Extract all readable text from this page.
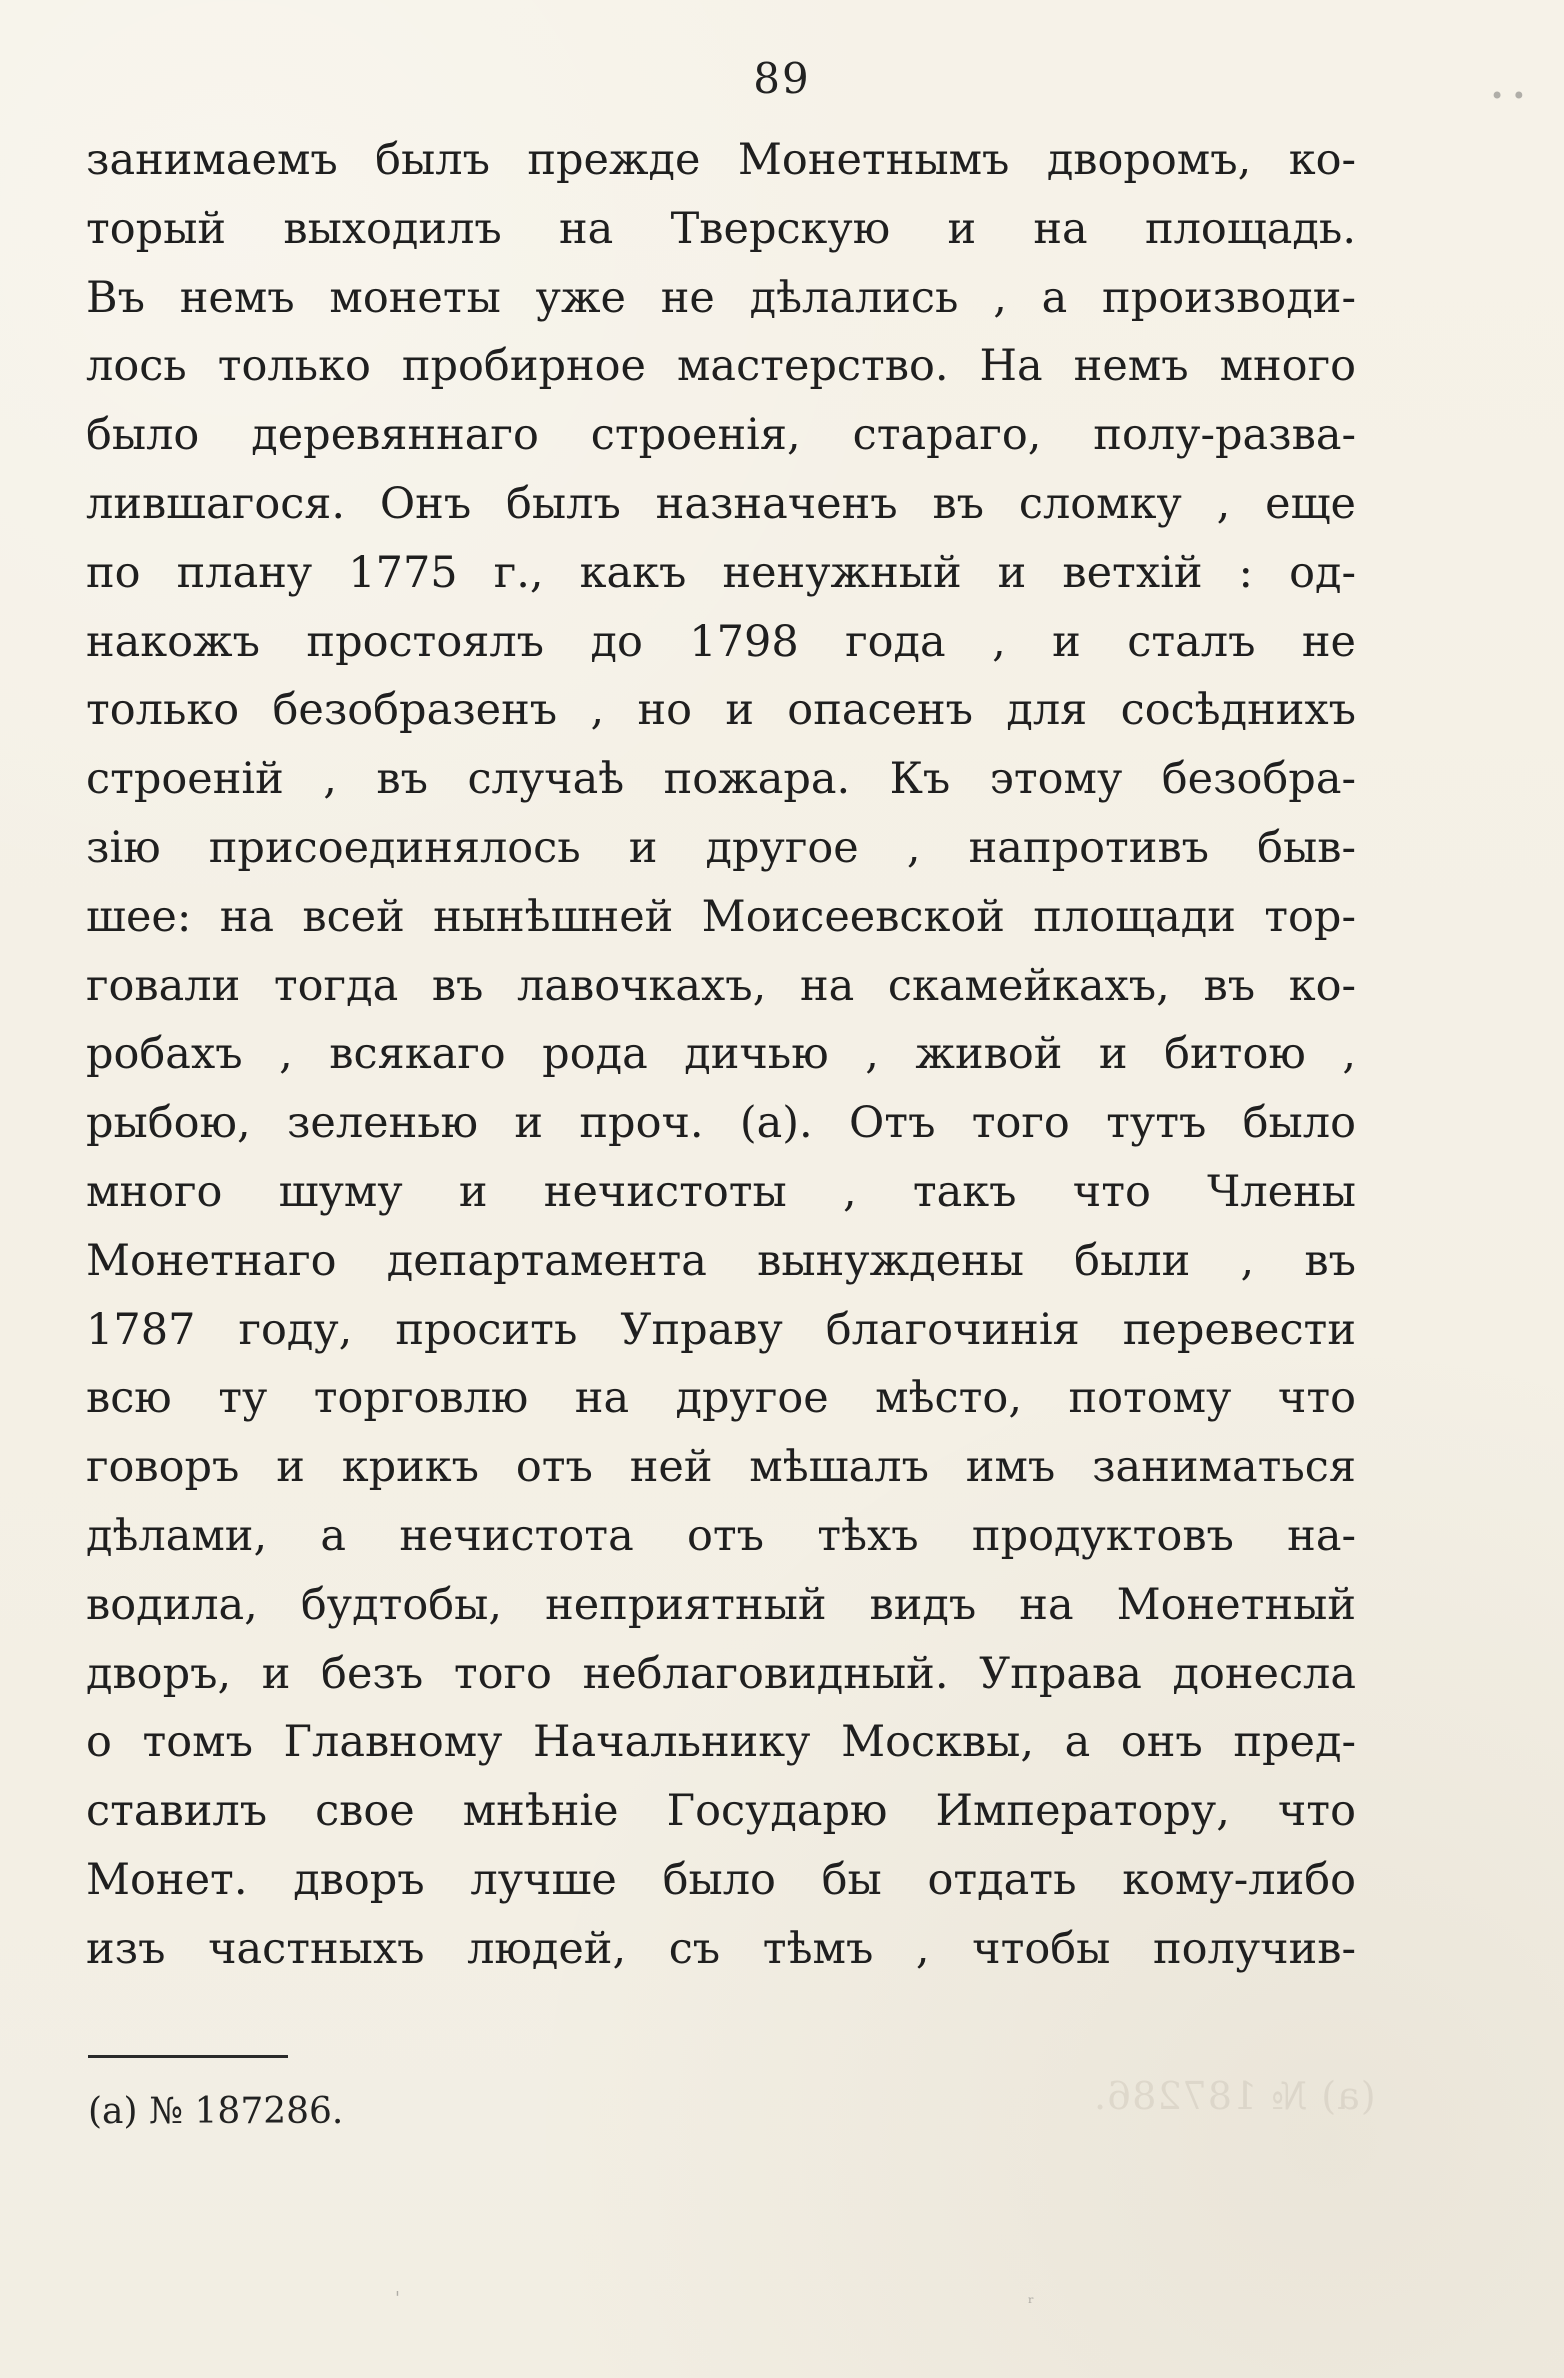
89
занимаемъ былъ прежде Монетнымъ дворомъ, ко-
торый выходилъ на Тверскую и на площадь.
Въ немъ монеты уже не дѣлались , а производи-
лось только пробирное мастерство. На немъ много
было деревяннаго строенія, стараго, полу-разва-
лившагося. Онъ былъ назначенъ въ сломку , еще
по плану 1775 г., какъ ненужный и ветхій : од-
накожъ простоялъ до 1798 года , и сталъ не
только безобразенъ , но и опасенъ для сосѣднихъ
строеній , въ случаѣ пожара. Къ этому безобра-
зію присоединялось и другое , напротивъ быв-
шее: на всей нынѣшней Моисеевской площади тор-
говали тогда въ лавочкахъ, на скамейкахъ, въ ко-
робахъ , всякаго рода дичью , живой и битою ,
рыбою, зеленью и проч. (а). Отъ того тутъ было
много шуму и нечистоты , такъ что Члены
Монетнаго департамента вынуждены были , въ
1787 году, просить Управу благочинія перевести
всю ту торговлю на другое мѣсто, потому что
говоръ и крикъ отъ ней мѣшалъ имъ заниматься
дѣлами, а нечистота отъ тѣхъ продуктовъ на-
водила, будтобы, неприятный видъ на Монетный
дворъ, и безъ того неблаговидный. Управа донесла
о томъ Главному Начальнику Москвы, а онъ пред-
ставилъ свое мнѣніе Государю Императору, что
Монет. дворъ лучше было бы отдать кому-либо
изъ частныхъ людей, съ тѣмъ , чтобы получив-
(а) № 187286.	(а) № 187286.
• •
'	ʳ
